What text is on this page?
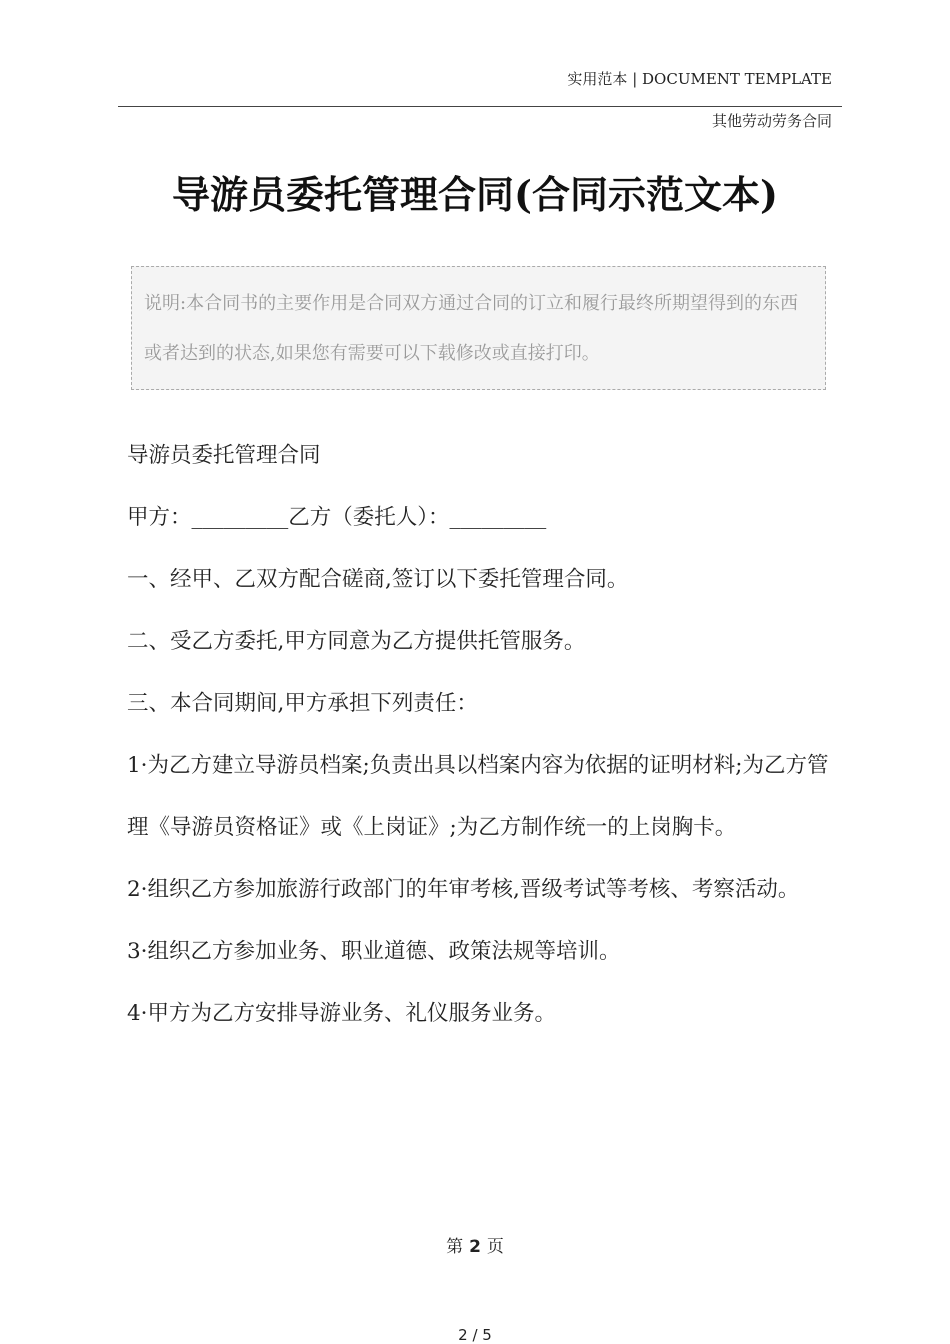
实用范本 | DOCUMENT TEMPLATE
其他劳动劳务合同
导游员委托管理合同(合同示范文本)
说明:本合同书的主要作用是合同双方通过合同的订立和履行最终所期望得到的东西或者达到的状态,如果您有需要可以下载修改或直接打印。

导游员委托管理合同

甲方：_________乙方（委托人）：_________

一、经甲、乙双方配合磋商,签订以下委托管理合同。

二、受乙方委托,甲方同意为乙方提供托管服务。

三、本合同期间,甲方承担下列责任：

1·为乙方建立导游员档案;负责出具以档案内容为依据的证明材料;为乙方管理《导游员资格证》或《上岗证》;为乙方制作统一的上岗胸卡。

2·组织乙方参加旅游行政部门的年审考核,晋级考试等考核、考察活动。

3·组织乙方参加业务、职业道德、政策法规等培训。

4·甲方为乙方安排导游业务、礼仪服务业务。

第 2 页
2 / 5
